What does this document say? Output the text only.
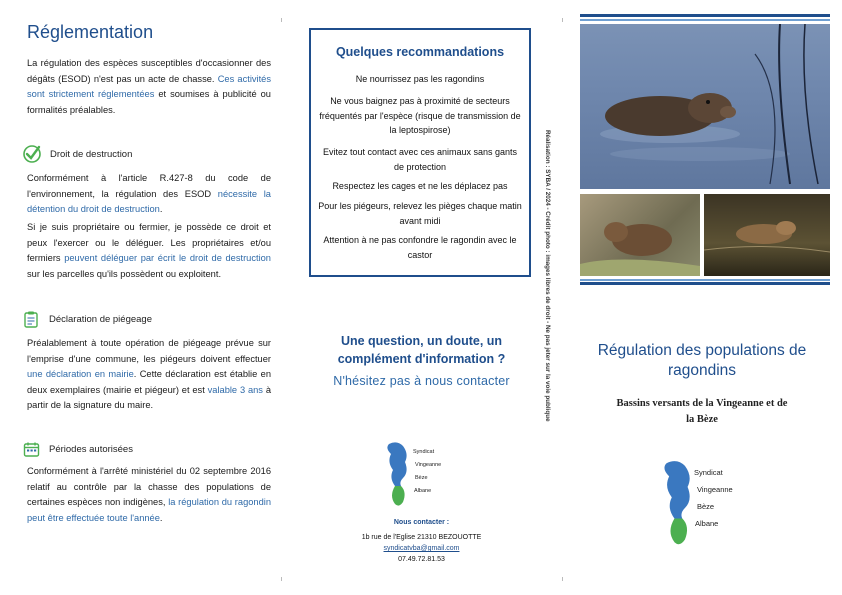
Réglementation
La régulation des espèces susceptibles d'occasionner des dégâts (ESOD) n'est pas un acte de chasse. Ces activités sont strictement réglementées et soumises à publicité ou formalités préalables.
Droit de destruction
Conformément à l'article R.427-8 du code de l'environnement, la régulation des ESOD nécessite la détention du droit de destruction.
Si je suis propriétaire ou fermier, je possède ce droit et peux l'exercer ou le déléguer. Les propriétaires et/ou fermiers peuvent déléguer par écrit le droit de destruction sur les parcelles qu'ils possèdent ou exploitent.
Déclaration de piégeage
Préalablement à toute opération de piégeage prévue sur l'emprise d'une commune, les piégeurs doivent effectuer une déclaration en mairie. Cette déclaration est établie en deux exemplaires (mairie et piégeur) et est valable 3 ans à partir de la signature du maire.
Périodes autorisées
Conformément à l'arrêté ministériel du 02 septembre 2016 relatif au contrôle par la chasse des populations de certaines espèces non indigènes, la régulation du ragondin peut être effectuée toute l'année.
Quelques recommandations
Ne nourrissez pas les ragondins
Ne vous baignez pas à proximité de secteurs fréquentés par l'espèce (risque de transmission de la leptospirose)
Evitez tout contact avec ces animaux sans gants de protection
Respectez les cages et ne les déplacez pas
Pour les piégeurs, relevez les pièges chaque matin avant midi
Attention à ne pas confondre le ragondin avec le castor
Une question, un doute, un complément d'information ?
N'hésitez pas à nous contacter
Syndicat
Vingeanne
Bèze
Albane
Nous contacter :
1b rue de l'Eglise 21310 BEZOUOTTE
syndicatvba@gmail.com
07.49.72.81.53
Réalisation : SYBA / 2024 - Crédit photo : images libres de droit - Ne pas jeter sur la voie publique	Régulation des populations de ragondins
Bassins versants de la Vingeanne et de la Bèze
Syndicat
Vingeanne
Bèze
Albane
